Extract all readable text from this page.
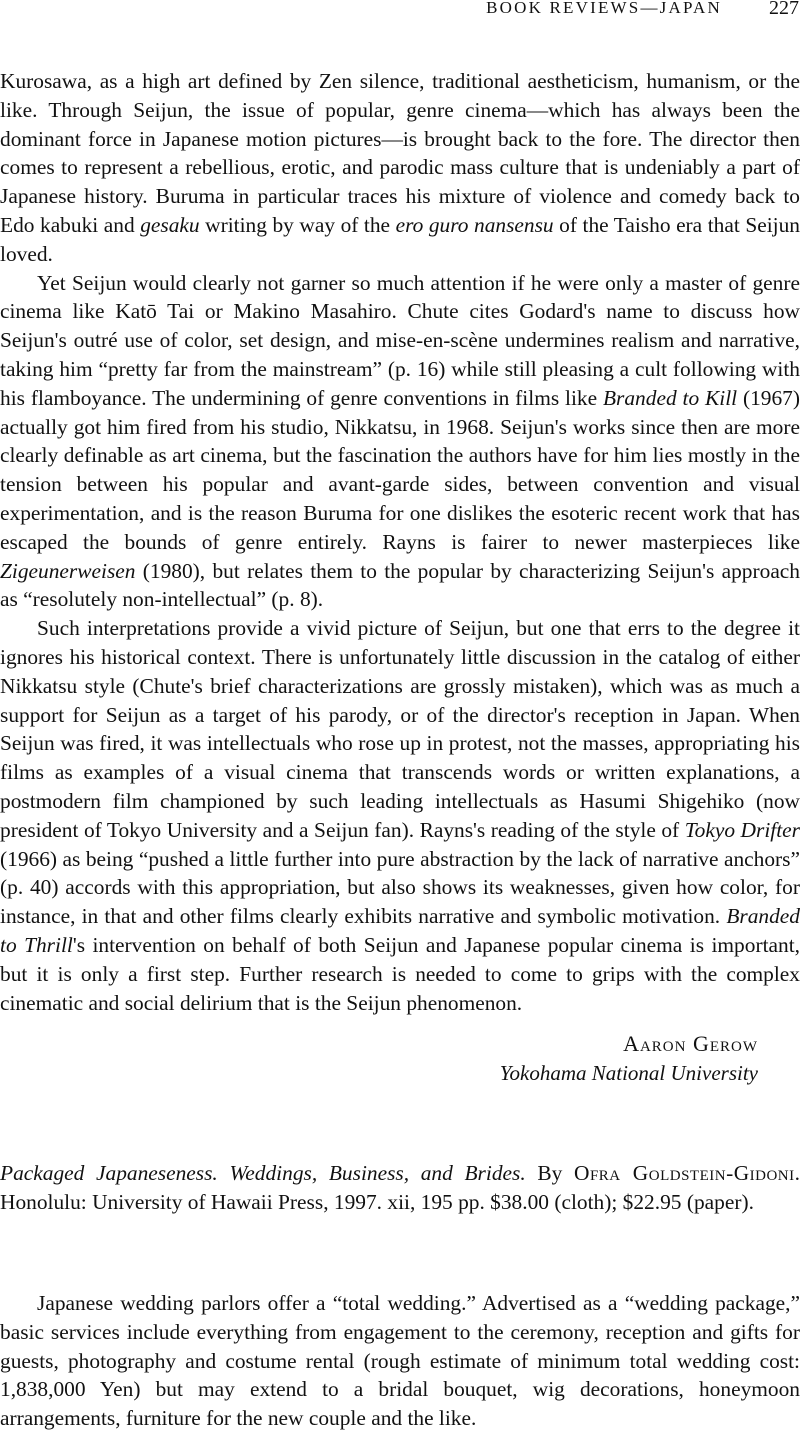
BOOK REVIEWS—JAPAN 227

Kurosawa, as a high art defined by Zen silence, traditional aestheticism, humanism, or the like. Through Seijun, the issue of popular, genre cinema—which has always been the dominant force in Japanese motion pictures—is brought back to the fore. The director then comes to represent a rebellious, erotic, and parodic mass culture that is undeniably a part of Japanese history. Buruma in particular traces his mixture of violence and comedy back to Edo kabuki and gesaku writing by way of the ero guro nansensu of the Taisho era that Seijun loved.

Yet Seijun would clearly not garner so much attention if he were only a master of genre cinema like Katō Tai or Makino Masahiro. Chute cites Godard's name to discuss how Seijun's outré use of color, set design, and mise-en-scène undermines realism and narrative, taking him “pretty far from the mainstream” (p. 16) while still pleasing a cult following with his flamboyance. The undermining of genre conventions in films like Branded to Kill (1967) actually got him fired from his studio, Nikkatsu, in 1968. Seijun's works since then are more clearly definable as art cinema, but the fascination the authors have for him lies mostly in the tension between his popular and avant-garde sides, between convention and visual experimentation, and is the reason Buruma for one dislikes the esoteric recent work that has escaped the bounds of genre entirely. Rayns is fairer to newer masterpieces like Zigeunerweisen (1980), but relates them to the popular by characterizing Seijun's approach as “resolutely non-intellectual” (p. 8).

Such interpretations provide a vivid picture of Seijun, but one that errs to the degree it ignores his historical context. There is unfortunately little discussion in the catalog of either Nikkatsu style (Chute's brief characterizations are grossly mistaken), which was as much a support for Seijun as a target of his parody, or of the director's reception in Japan. When Seijun was fired, it was intellectuals who rose up in protest, not the masses, appropriating his films as examples of a visual cinema that transcends words or written explanations, a postmodern film championed by such leading intellectuals as Hasumi Shigehiko (now president of Tokyo University and a Seijun fan). Rayns's reading of the style of Tokyo Drifter (1966) as being “pushed a little further into pure abstraction by the lack of narrative anchors” (p. 40) accords with this appropriation, but also shows its weaknesses, given how color, for instance, in that and other films clearly exhibits narrative and symbolic motivation. Branded to Thrill's intervention on behalf of both Seijun and Japanese popular cinema is important, but it is only a first step. Further research is needed to come to grips with the complex cinematic and social delirium that is the Seijun phenomenon.

Aaron Gerow
Yokohama National University

Packaged Japaneseness. Weddings, Business, and Brides. By Ofra Goldstein-Gidoni. Honolulu: University of Hawaii Press, 1997. xii, 195 pp. $38.00 (cloth); $22.95 (paper).

Japanese wedding parlors offer a “total wedding.” Advertised as a “wedding package,” basic services include everything from engagement to the ceremony, reception and gifts for guests, photography and costume rental (rough estimate of minimum total wedding cost: 1,838,000 Yen) but may extend to a bridal bouquet, wig decorations, honeymoon arrangements, furniture for the new couple and the like.
